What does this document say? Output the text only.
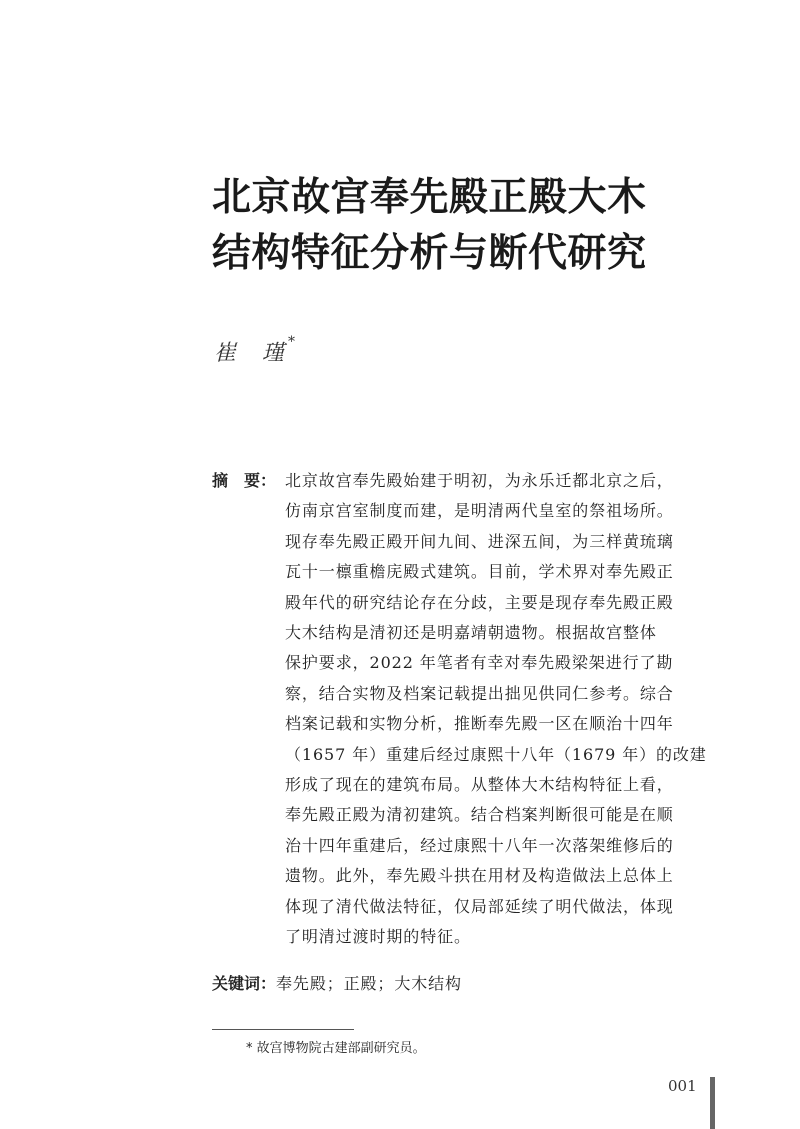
北京故宫奉先殿正殿大木
结构特征分析与断代研究
崔　瑾 *
摘　要： 北京故宫奉先殿始建于明初，为永乐迁都北京之后，
仿南京宫室制度而建，是明清两代皇室的祭祖场所。
现存奉先殿正殿开间九间、进深五间，为三样黄琉璃
瓦十一檩重檐庑殿式建筑。目前，学术界对奉先殿正
殿年代的研究结论存在分歧，主要是现存奉先殿正殿
大木结构是清初还是明嘉靖朝遗物。根据故宫整体
保护要求，2022 年笔者有幸对奉先殿梁架进行了勘
察，结合实物及档案记载提出拙见供同仁参考。综合
档案记载和实物分析，推断奉先殿一区在顺治十四年
（1657 年）重建后经过康熙十八年（1679 年）的改建
形成了现在的建筑布局。从整体大木结构特征上看，
奉先殿正殿为清初建筑。结合档案判断很可能是在顺
治十四年重建后，经过康熙十八年一次落架维修后的
遗物。此外，奉先殿斗拱在用材及构造做法上总体上
体现了清代做法特征，仅局部延续了明代做法，体现
了明清过渡时期的特征。
关键词：奉先殿；正殿；大木结构
* 故宫博物院古建部副研究员。
001
